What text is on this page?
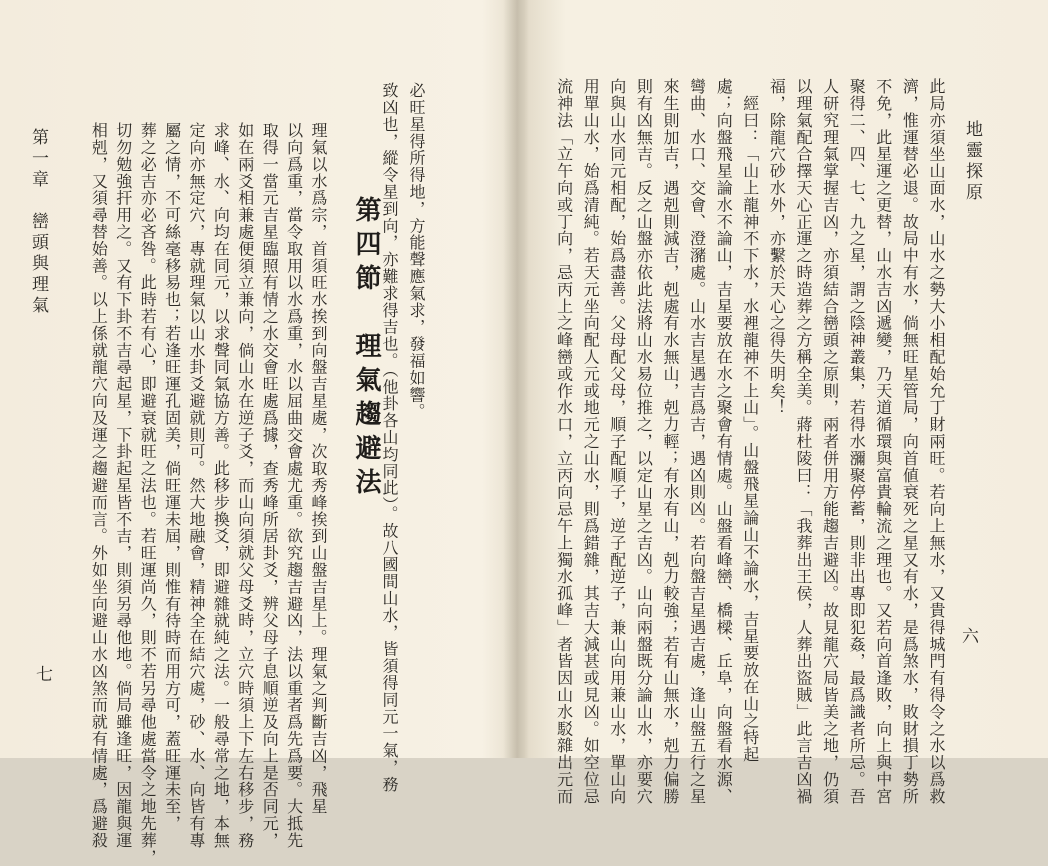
第一章　巒頭與理氣
七	理氣以水爲宗，首須旺水挨到向盤吉星處，次取秀峰挨到山盤吉星上。理氣之判斷吉凶，飛星
以向爲重，當令取用以水爲重，水以屈曲交會處尤重。欲究趨吉避凶，法以重者爲先爲要。大抵先
取得一當元吉星臨照有情之水交會旺處爲據，查秀峰所居卦爻，辨父母子息順逆及向上是否同元，
如在兩爻相兼處便須立兼向，倘山水在逆子爻，而山向須就父母爻時，立穴時須上下左右移步，務
求峰、水、向均在同元，以求聲同氣協方善。此移步換爻，即避雜就純之法。一般尋常之地，本無
定向亦無定穴，專就理氣以山水卦爻避就則可。然大地融會，精神全在結穴處，砂、水、向皆有專
屬之情，不可絲毫移易也；若逢旺運孔固美，倘旺運未屆，則惟有待時而用方可，蓋旺運未至，
葬之必吉亦必吝咎。此時若有心，即避衰就旺之法也。若旺運尚久，則不若另尋他處當令之地先葬，
切勿勉強扞用之。又有下卦不吉尋起星，下卦起星皆不吉，則須另尋他地。倘局雖逢旺，因龍與運
相剋，又須尋替始善。以上係就龍穴向及運之趨避而言。外如坐向避山水凶煞而就有情處，爲避殺	第四節　理氣趨避法 必旺星得所得地，方能聲應氣求，發福如響。
致凶也，縱令星到向，亦難求得吉也。（他卦各山均同此）。故八國間山水，皆須得同元一氣，務	地靈探原
六
此局亦須坐山面水，山水之勢大小相配始允丁財兩旺。若向上無水，又貴得城門有得令之水以爲救
濟，惟運替必退。故局中有水，倘無旺星管局，向首値衰死之星又有水，是爲煞水，敗財損丁勢所
不免，此星運之更替，山水吉凶遞變，乃天道循環與富貴輪流之理也。又若向首逢敗，向上與中宮
聚得二、四、七、九之星，謂之陰神叢集，若得水瀰聚停蓄，則非出專即犯姦，最爲識者所忌。吾
人研究理氣掌握吉凶，亦須結合巒頭之原則，兩者併用方能趨吉避凶。故見龍穴局皆美之地，仍須
以理氣配合擇天心正運之時造葬之方稱全美。蔣杜陵曰：「我葬出王侯，人葬出盜賊」此言吉凶禍
福，除龍穴砂水外，亦繫於天心之得失明矣！
　經曰：「山上龍神不下水，水裡龍神不上山」。山盤飛星論山不論水，吉星要放在山之特起
處；向盤飛星論水不論山，吉星要放在水之聚會有情處。山盤看峰巒、橋樑、丘阜，向盤看水源、
彎曲、水口、交會、澄瀦處。山水吉星遇吉爲吉，遇凶則凶。若向盤吉星遇吉處，逢山盤五行之星
來生則加吉，遇剋則減吉，剋處有水無山，剋力輕；有水有山，剋力較強；若有山無水，剋力偏勝
則有凶無吉。反之山盤亦依此法將山水易位推之，以定山星之吉凶。山向兩盤既分論山水，亦要穴
向與山水同元相配，始爲盡善。父母配父母，順子配順子，逆子配逆子，兼山向用兼山水，單山向
用單山水，始爲清純。若天元坐向配人元或地元之山水，則爲錯雜，其吉大減甚或見凶。如空位忌
流神法「立午向或丁向，忌丙上之峰巒或作水口，立丙向忌午上獨水孤峰」者皆因山水駁雜出元而
